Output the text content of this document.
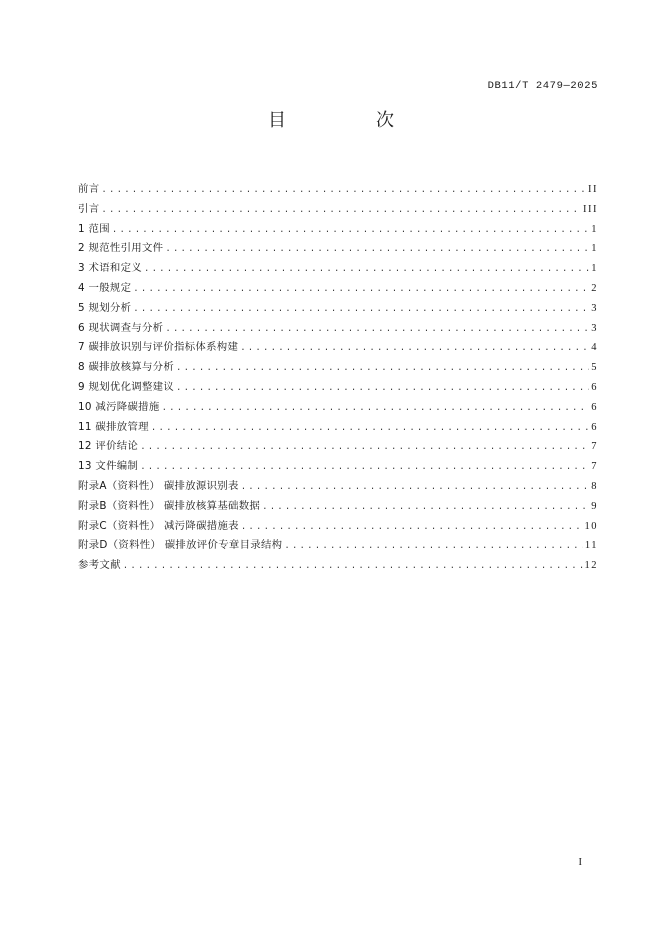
DB11/T 2479—2025
目　次
前言 .....	II
引言 .....	III
1 范围 .....	1
2 规范性引用文件 .....	1
3 术语和定义 .....	1
4 一般规定 .....	2
5 规划分析 .....	3
6 现状调查与分析 .....	3
7 碳排放识别与评价指标体系构建 .....	4
8 碳排放核算与分析 .....	5
9 规划优化调整建议 .....	6
10 减污降碳措施 .....	6
11 碳排放管理 .....	6
12 评价结论 .....	7
13 文件编制 .....	7
附录A（资料性） 碳排放源识别表 .....	8
附录B（资料性） 碳排放核算基础数据 .....	9
附录C（资料性） 减污降碳措施表 .....	10
附录D（资料性） 碳排放评价专章目录结构 .....	11
参考文献 .....	12
I
